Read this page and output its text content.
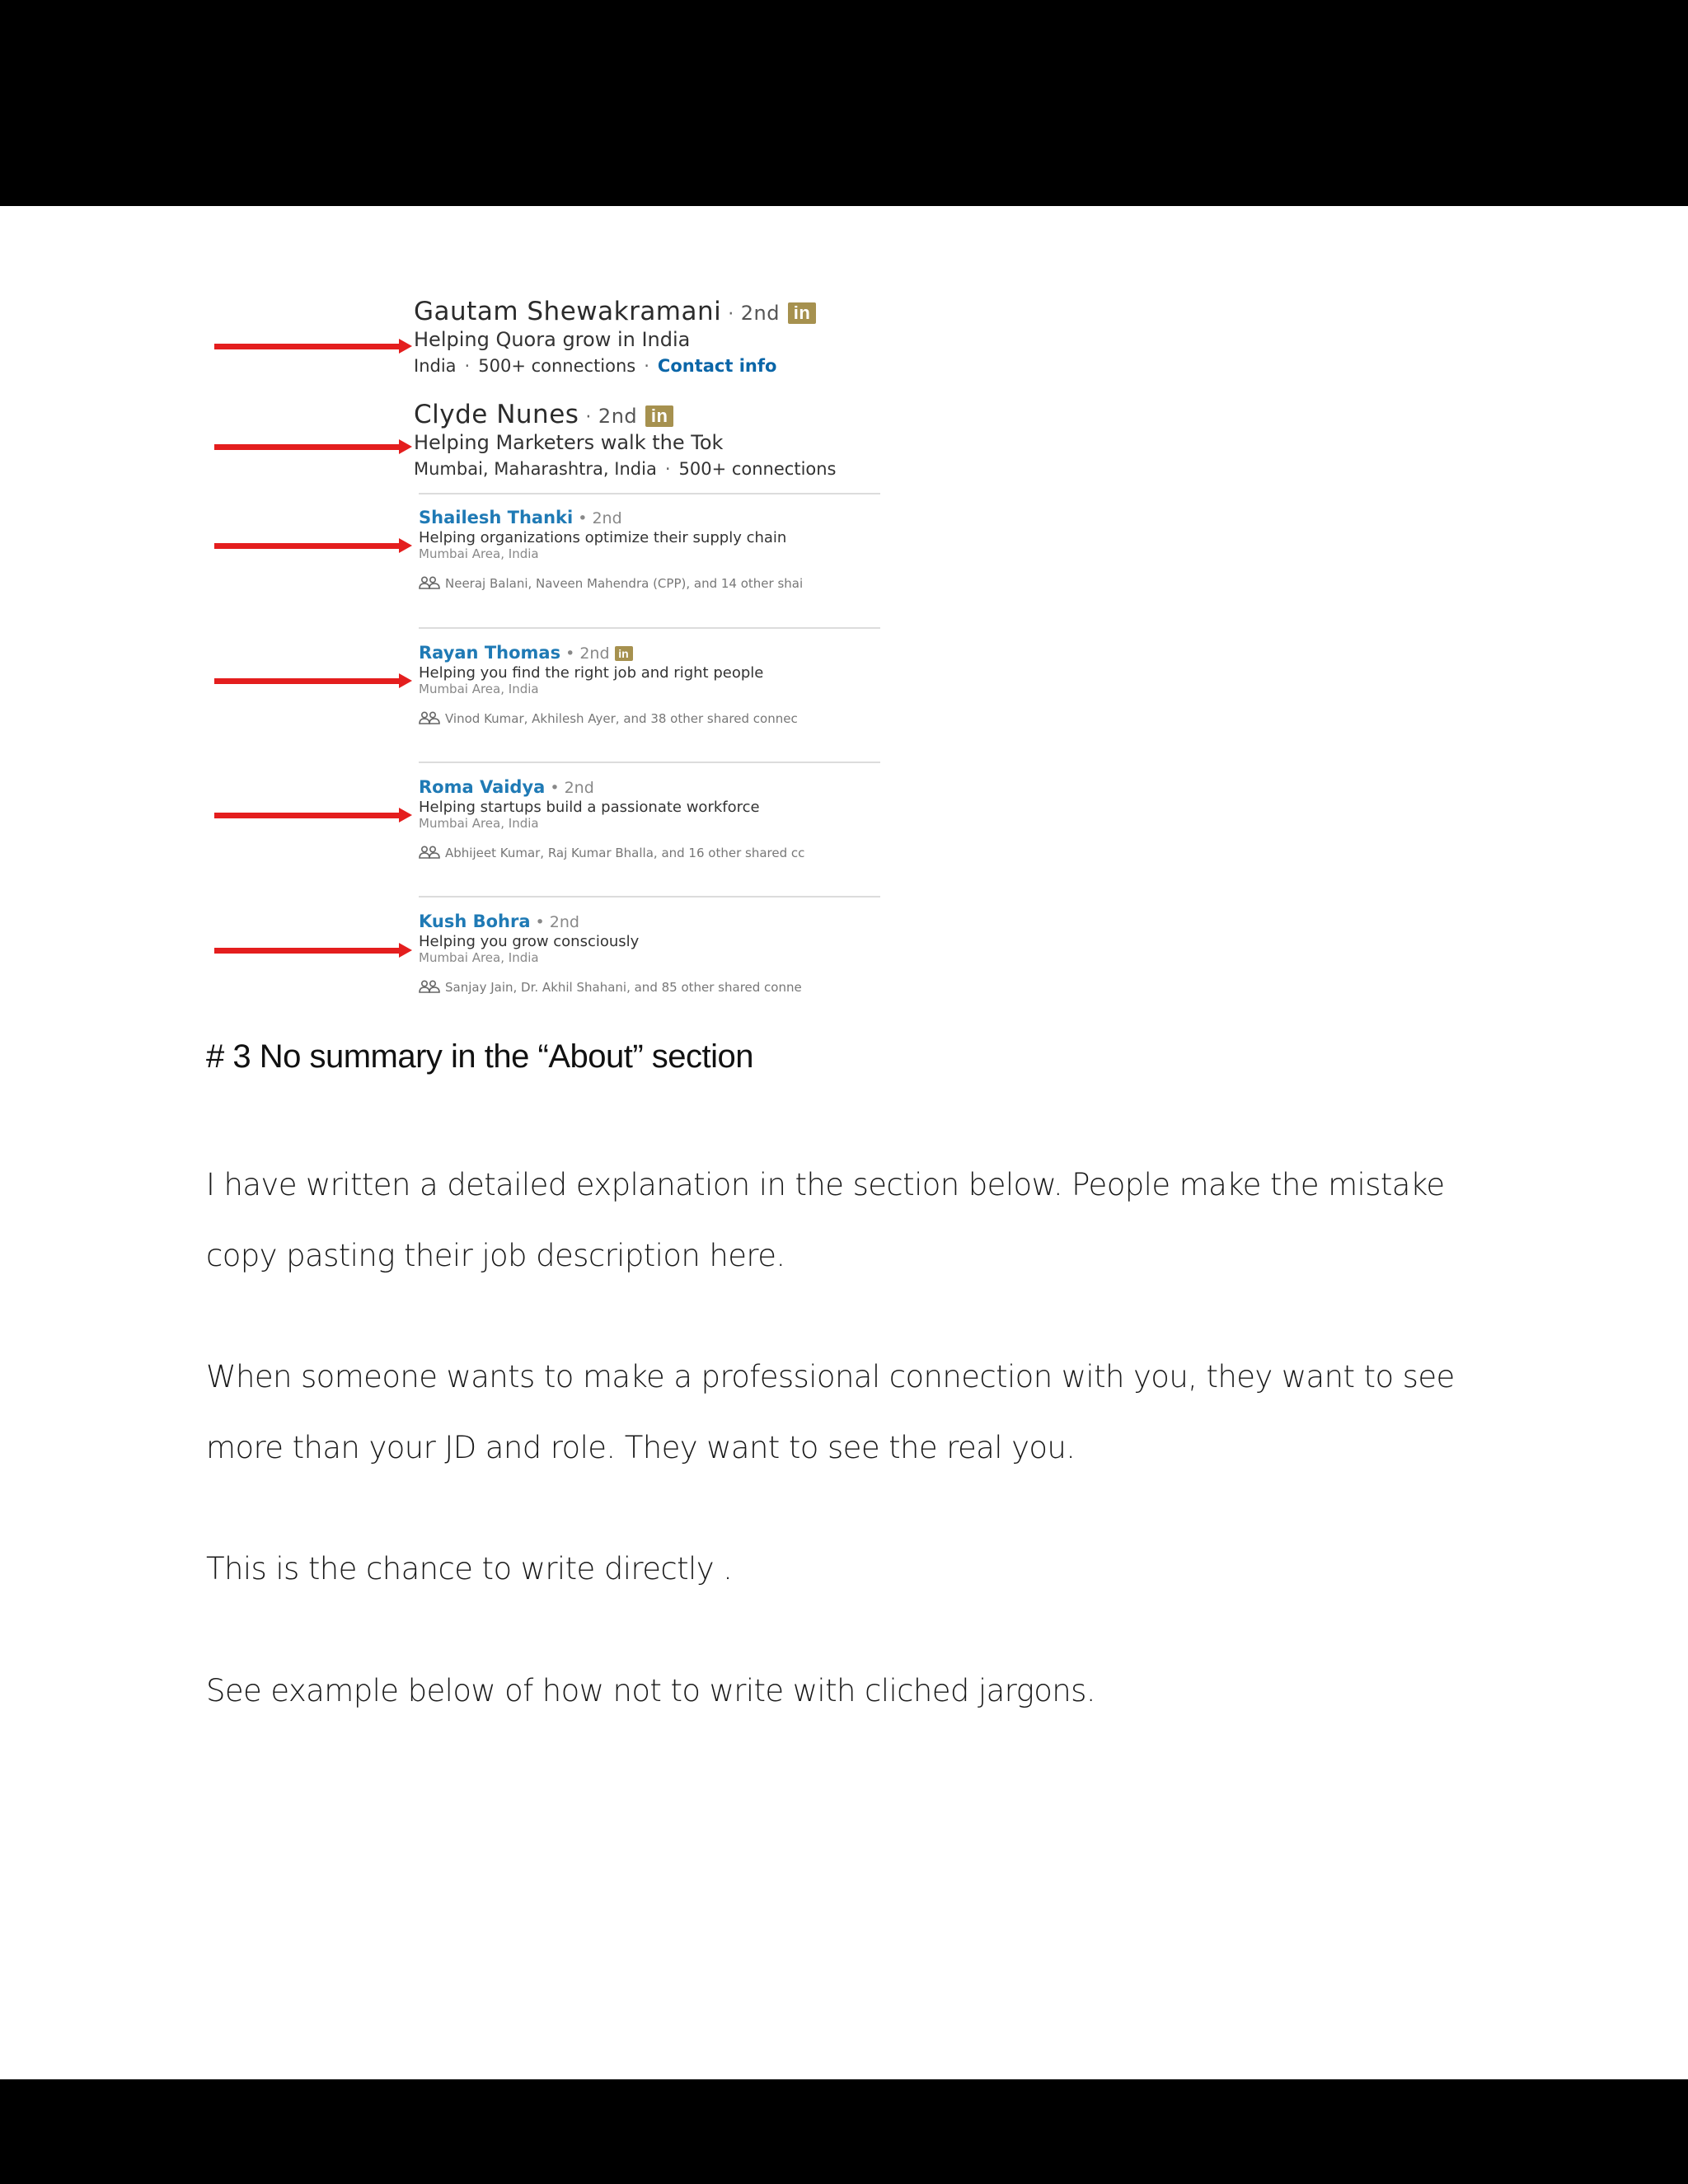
Gautam Shewakramani · 2nd in
Helping Quora grow in India
India · 500+ connections · Contact info
Clyde Nunes · 2nd in
Helping Marketers walk the Tok
Mumbai, Maharashtra, India · 500+ connections
Shailesh Thanki • 2nd
Helping organizations optimize their supply chain
Mumbai Area, India
Neeraj Balani, Naveen Mahendra (CPP), and 14 other shai
Rayan Thomas • 2nd in
Helping you find the right job and right people
Mumbai Area, India
Vinod Kumar, Akhilesh Ayer, and 38 other shared connec
Roma Vaidya • 2nd
Helping startups build a passionate workforce
Mumbai Area, India
Abhijeet Kumar, Raj Kumar Bhalla, and 16 other shared cc
Kush Bohra • 2nd
Helping you grow consciously
Mumbai Area, India
Sanjay Jain, Dr. Akhil Shahani, and 85 other shared conne
# 3 No summary in the “About” section

I have written a detailed explanation in the section below. People make the mistake copy pasting their job description here.

When someone wants to make a professional connection with you, they want to see more than your JD and role. They want to see the real you.

This is the chance to write directly .

See example below of how not to write with cliched jargons.
